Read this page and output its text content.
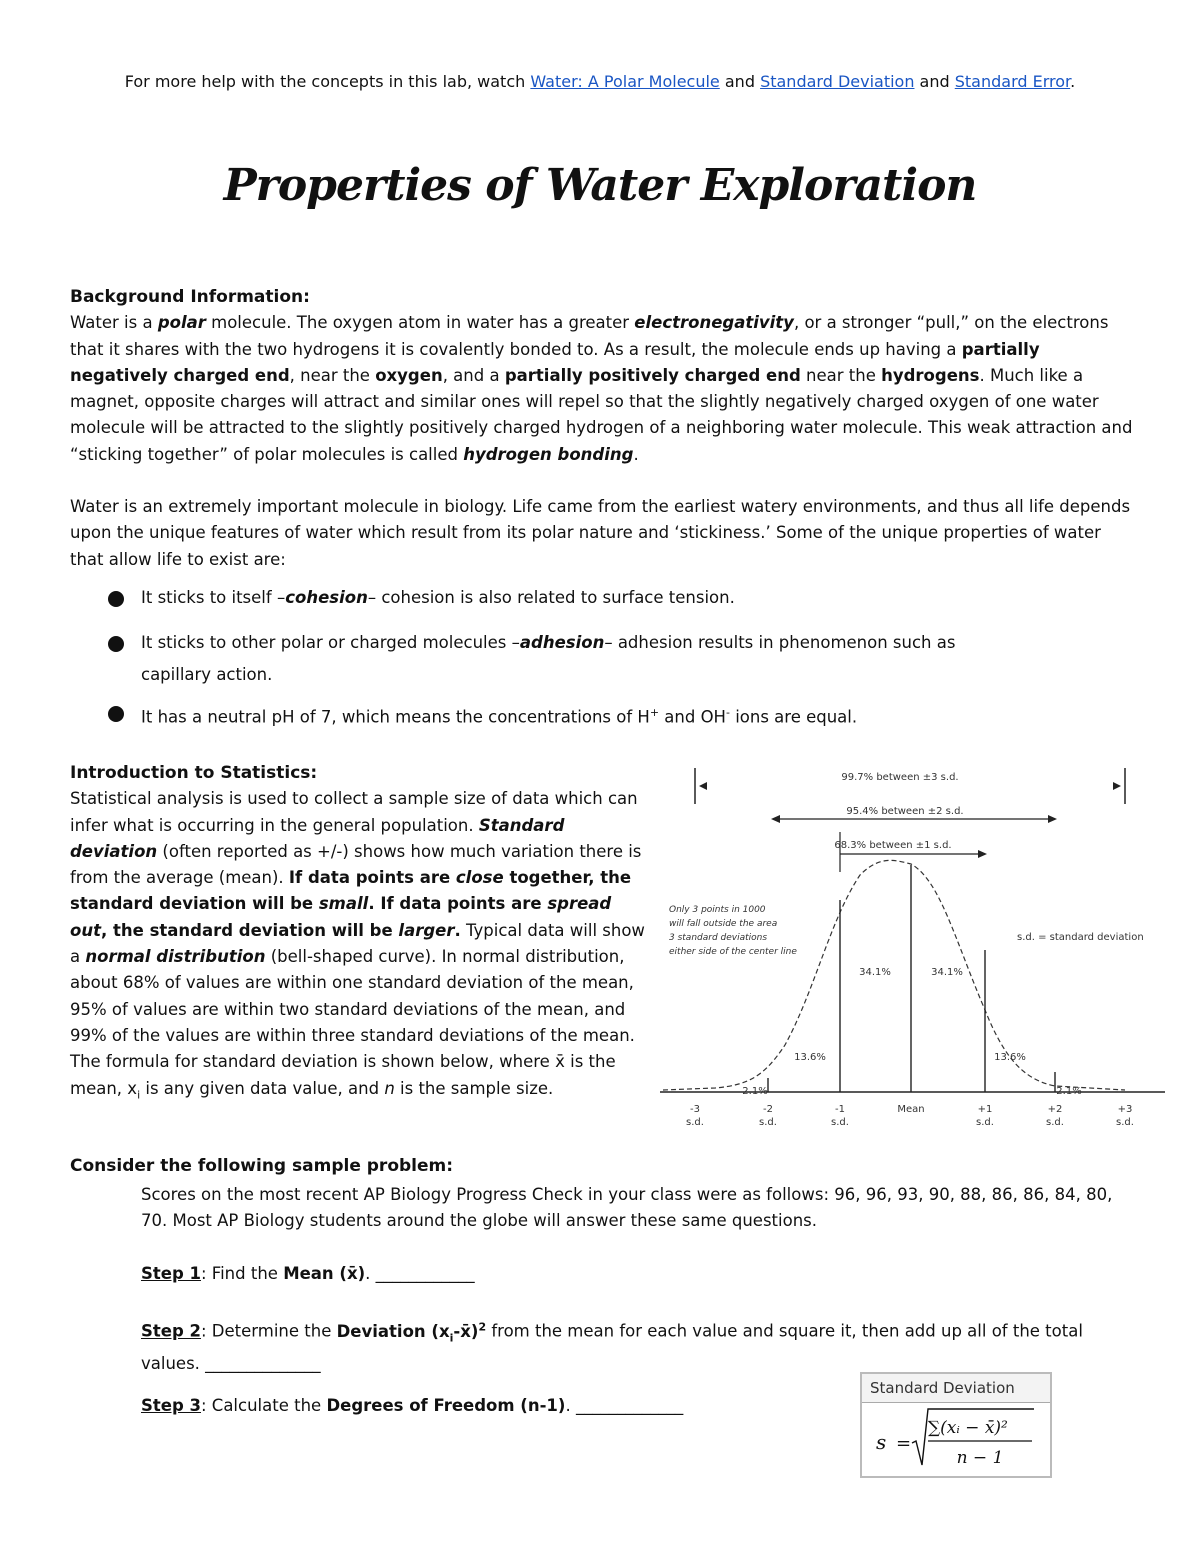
For more help with the concepts in this lab, watch Water: A Polar Molecule and Standard Deviation and Standard Error.
Properties of Water Exploration
Background Information:
Water is a polar molecule. The oxygen atom in water has a greater electronegativity, or a stronger “pull,” on the electrons that it shares with the two hydrogens it is covalently bonded to. As a result, the molecule ends up having a partially negatively charged end, near the oxygen, and a partially positively charged end near the hydrogens. Much like a magnet, opposite charges will attract and similar ones will repel so that the slightly negatively charged oxygen of one water molecule will be attracted to the slightly positively charged hydrogen of a neighboring water molecule. This weak attraction and “sticking together” of polar molecules is called hydrogen bonding.
Water is an extremely important molecule in biology. Life came from the earliest watery environments, and thus all life depends upon the unique features of water which result from its polar nature and ‘stickiness.’ Some of the unique properties of water that allow life to exist are:
It sticks to itself –cohesion– cohesion is also related to surface tension.
It sticks to other polar or charged molecules –adhesion– adhesion results in phenomenon such as
capillary action.
It has a neutral pH of 7, which means the concentrations of H+ and OH- ions are equal.
Introduction to Statistics:
Statistical analysis is used to collect a sample size of data which can infer what is occurring in the general population. Standard deviation (often reported as +/-) shows how much variation there is from the average (mean). If data points are close together, the standard deviation will be small. If data points are spread out, the standard deviation will be larger. Typical data will show a normal distribution (bell-shaped curve). In normal distribution, about 68% of values are within one standard deviation of the mean, 95% of values are within two standard deviations of the mean, and 99% of the values are within three standard deviations of the mean. The formula for standard deviation is shown below, where x̄ is the mean, $x_i$ is any given data value, and n is the sample size.
99.7% between ±3 s.d.
95.4% between ±2 s.d.
68.3% between ±1 s.d.
34.1%	34.1%
13.6%	13.6%
2.1%	2.1%
Only 3 points in 1000
will fall outside the area
3 standard deviations
either side of the center line
s.d. = standard deviation
-3
s.d.
-2
s.d.
-1
s.d.
Mean	+1
s.d.
+2
s.d.
+3
s.d.
Consider the following sample problem:
Scores on the most recent AP Biology Progress Check in your class were as follows: 96, 96, 93, 90, 88, 86, 86, 84, 80, 70. Most AP Biology students around the globe will answer these same questions.
Step 1: Find the Mean (x̄). ____________
Step 2: Determine the Deviation $(x_i-x̄)^2$ from the mean for each value and square it, then add up all of the total values. ______________
Step 3: Calculate the Degrees of Freedom (n-1). _____________
Standard Deviation
s =
∑(xᵢ − x̄)²
n − 1
